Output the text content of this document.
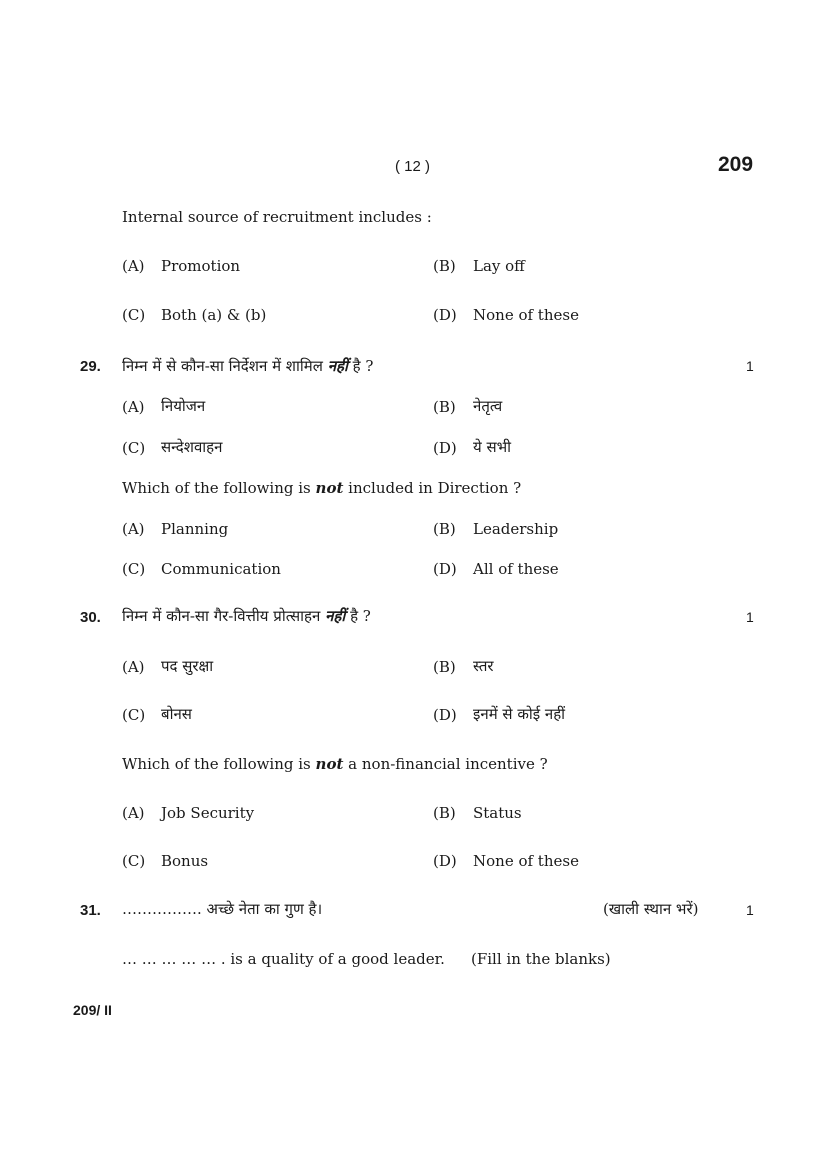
( 12 )	209
Internal source of recruitment includes :
(A) Promotion	(B) Lay off
(C) Both (a) & (b)	(D) None of these
29. निम्न में से कौन-सा निर्देशन में शामिल नहीं है ?	1
(A) नियोजन	(B) नेतृत्व
(C) सन्देशवाहन	(D) ये सभी
Which of the following is not included in Direction ?
(A) Planning	(B) Leadership
(C) Communication	(D) All of these
30. निम्न में कौन-सा गैर-वित्तीय प्रोत्साहन नहीं है ?	1
(A) पद सुरक्षा	(B) स्तर
(C) बोनस	(D) इनमें से कोई नहीं
Which of the following is not a non-financial incentive ?
(A) Job Security	(B) Status
(C) Bonus	(D) None of these
31. ……………. अच्छे नेता का गुण है।	(खाली स्थान भरें)	1
… … … … … . is a quality of a good leader. (Fill in the blanks)
209/ II
